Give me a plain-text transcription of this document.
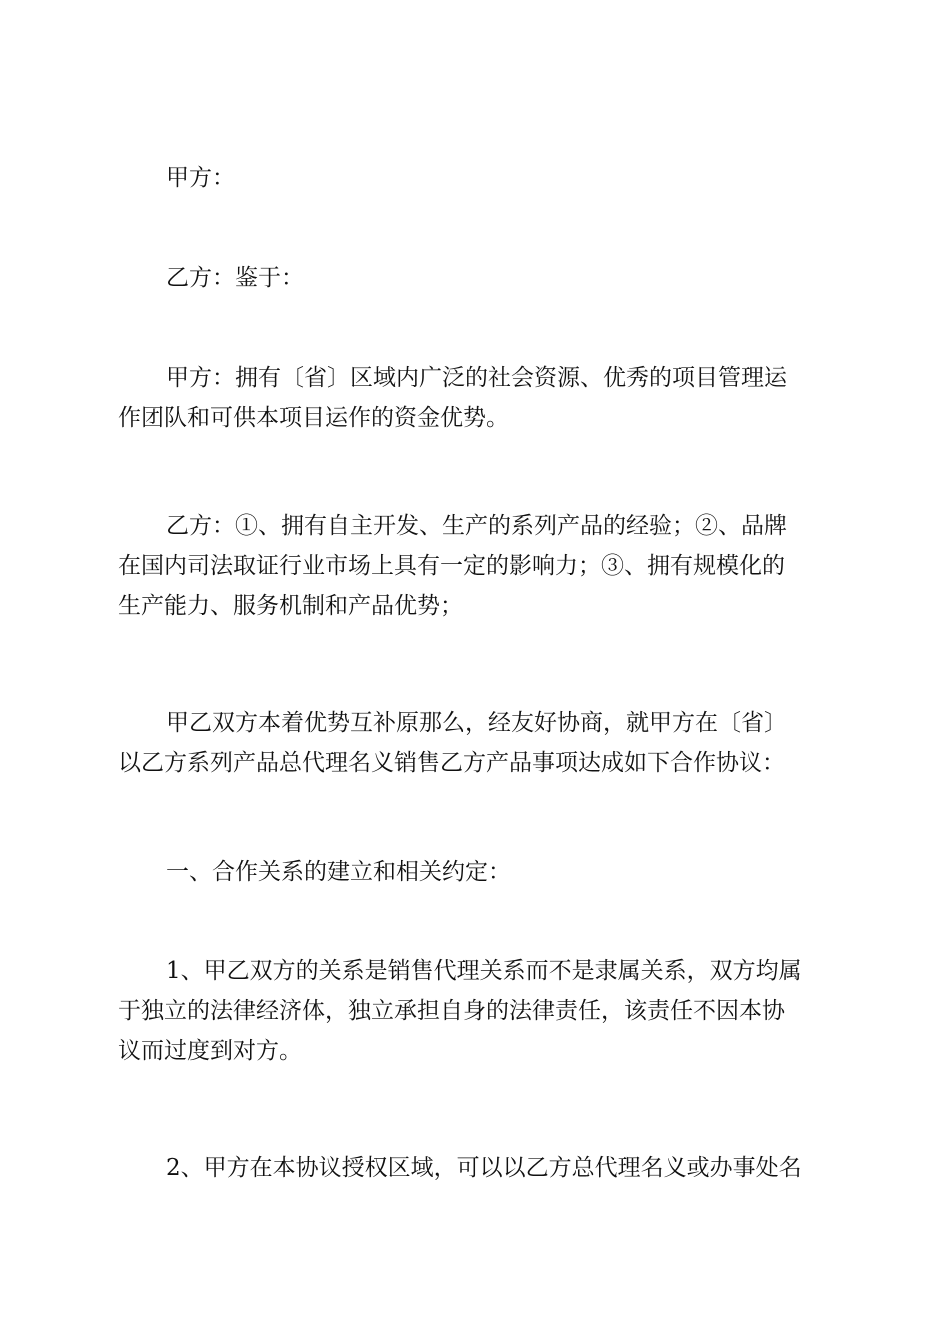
甲方：
乙方：鉴于：
甲方：拥有〔省〕区域内广泛的社会资源、优秀的项目管理运
作团队和可供本项目运作的资金优势。
乙方：①、拥有自主开发、生产的系列产品的经验；②、品牌
在国内司法取证行业市场上具有一定的影响力；③、拥有规模化的
生产能力、服务机制和产品优势；
甲乙双方本着优势互补原那么，经友好协商，就甲方在〔省〕
以乙方系列产品总代理名义销售乙方产品事项达成如下合作协议：
一、合作关系的建立和相关约定：
1、甲乙双方的关系是销售代理关系而不是隶属关系，双方均属
于独立的法律经济体，独立承担自身的法律责任，该责任不因本协
议而过度到对方。
2、甲方在本协议授权区域，可以以乙方总代理名义或办事处名
